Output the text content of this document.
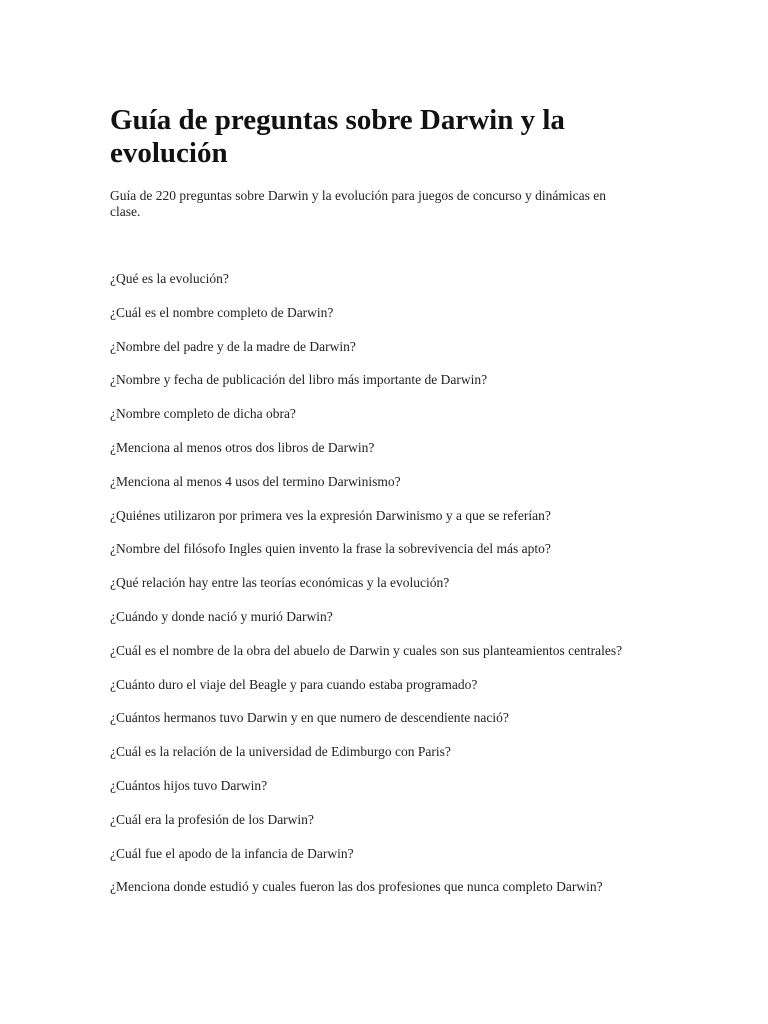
Guía de preguntas sobre Darwin y la evolución

Guía de 220 preguntas sobre Darwin y la evolución para juegos de concurso y dinámicas en clase.

¿Qué es la evolución?
¿Cuál es el nombre completo de Darwin?
¿Nombre del padre y de la madre de Darwin?
¿Nombre y fecha de publicación del libro más importante de Darwin?
¿Nombre completo de dicha obra?
¿Menciona al menos otros dos libros de Darwin?
¿Menciona al menos 4 usos del termino Darwinismo?
¿Quiénes utilizaron por primera ves la expresión Darwinismo y a que se referían?
¿Nombre del filósofo Ingles quien invento la frase la sobrevivencia del más apto?
¿Qué relación hay entre las teorías económicas y la evolución?
¿Cuándo y donde nació y murió Darwin?
¿Cuál es el nombre de la obra del abuelo de Darwin y cuales son sus planteamientos centrales?
¿Cuánto duro el viaje del Beagle y para cuando estaba programado?
¿Cuántos hermanos tuvo Darwin y en que numero de descendiente nació?
¿Cuál es la relación de la universidad de Edimburgo con Paris?
¿Cuántos hijos tuvo Darwin?
¿Cuál era la profesión de los Darwin?
¿Cuál fue el apodo de la infancia de Darwin?
¿Menciona donde estudió y cuales fueron las dos profesiones que nunca completo Darwin?
